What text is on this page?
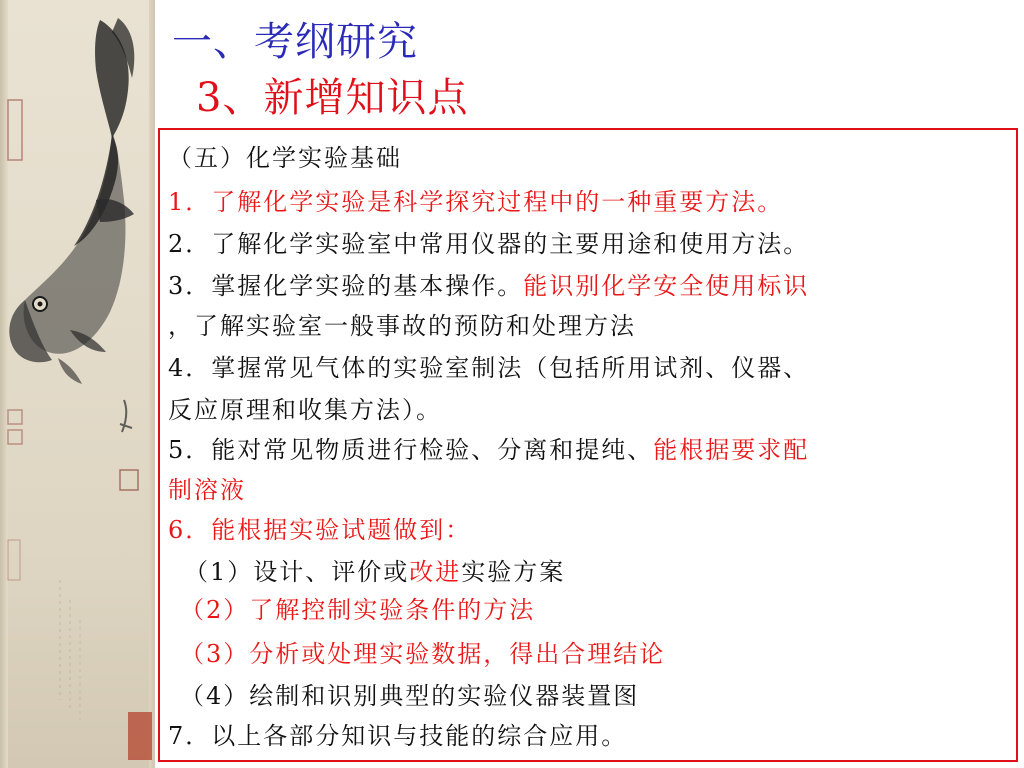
一、考纲研究
3、新增知识点
（五）化学实验基础
1．了解化学实验是科学探究过程中的一种重要方法。
2．了解化学实验室中常用仪器的主要用途和使用方法。
3．掌握化学实验的基本操作。能识别化学安全使用标识
，了解实验室一般事故的预防和处理方法
4．掌握常见气体的实验室制法（包括所用试剂、仪器、
反应原理和收集方法）。
5．能对常见物质进行检验、分离和提纯、能根据要求配
制溶液
6．能根据实验试题做到：
（1）设计、评价或改进实验方案
（2）了解控制实验条件的方法
（3）分析或处理实验数据，得出合理结论
（4）绘制和识别典型的实验仪器装置图
7．以上各部分知识与技能的综合应用。
